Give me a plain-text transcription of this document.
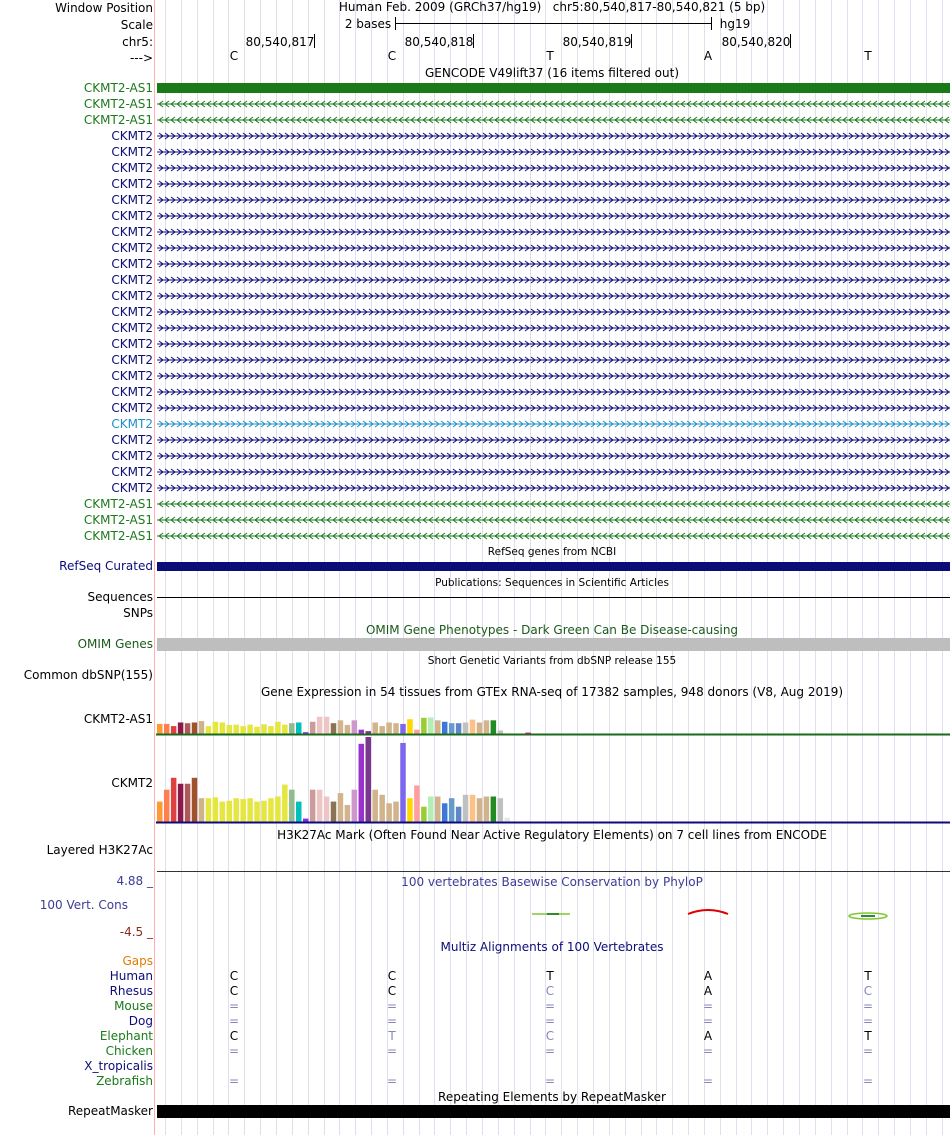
Window Position
Scale
chr5:
--->
Human Feb. 2009 (GRCh37/hg19)   chr5:80,540,817-80,540,821 (5 bp)
2 bases	hg19
80,540,817	80,540,818	80,540,819	80,540,820
C	C	T	A	T
GENCODE V49lift37 (16 items filtered out)
CKMT2-AS1
CKMT2-AS1
CKMT2-AS1
CKMT2
CKMT2
CKMT2
CKMT2
CKMT2
CKMT2
CKMT2
CKMT2
CKMT2
CKMT2
CKMT2
CKMT2
CKMT2
CKMT2
CKMT2
CKMT2
CKMT2
CKMT2
CKMT2
CKMT2
CKMT2
CKMT2
CKMT2
CKMT2-AS1
CKMT2-AS1
CKMT2-AS1
RefSeq genes from NCBI
RefSeq Curated
Publications: Sequences in Scientific Articles
Sequences
SNPs
OMIM Gene Phenotypes - Dark Green Can Be Disease-causing
OMIM Genes
Short Genetic Variants from dbSNP release 155
Common dbSNP(155)
Gene Expression in 54 tissues from GTEx RNA-seq of 17382 samples, 948 donors (V8, Aug 2019)
CKMT2-AS1
CKMT2
H3K27Ac Mark (Often Found Near Active Regulatory Elements) on 7 cell lines from ENCODE
Layered H3K27Ac
100 vertebrates Basewise Conservation by PhyloP
4.88 _
100 Vert. Cons
-4.5 _
Multiz Alignments of 100 Vertebrates
Gaps
Human	C	C	T	A	T
Rhesus	C	C	C	A	C
Mouse	=	=	=	=	=
Dog	=	=	=	=	=
Elephant	C	T	C	A	T
Chicken	=	=	=	=	=
X_tropicalis
Zebrafish	=	=	=	=	=
Repeating Elements by RepeatMasker
RepeatMasker
